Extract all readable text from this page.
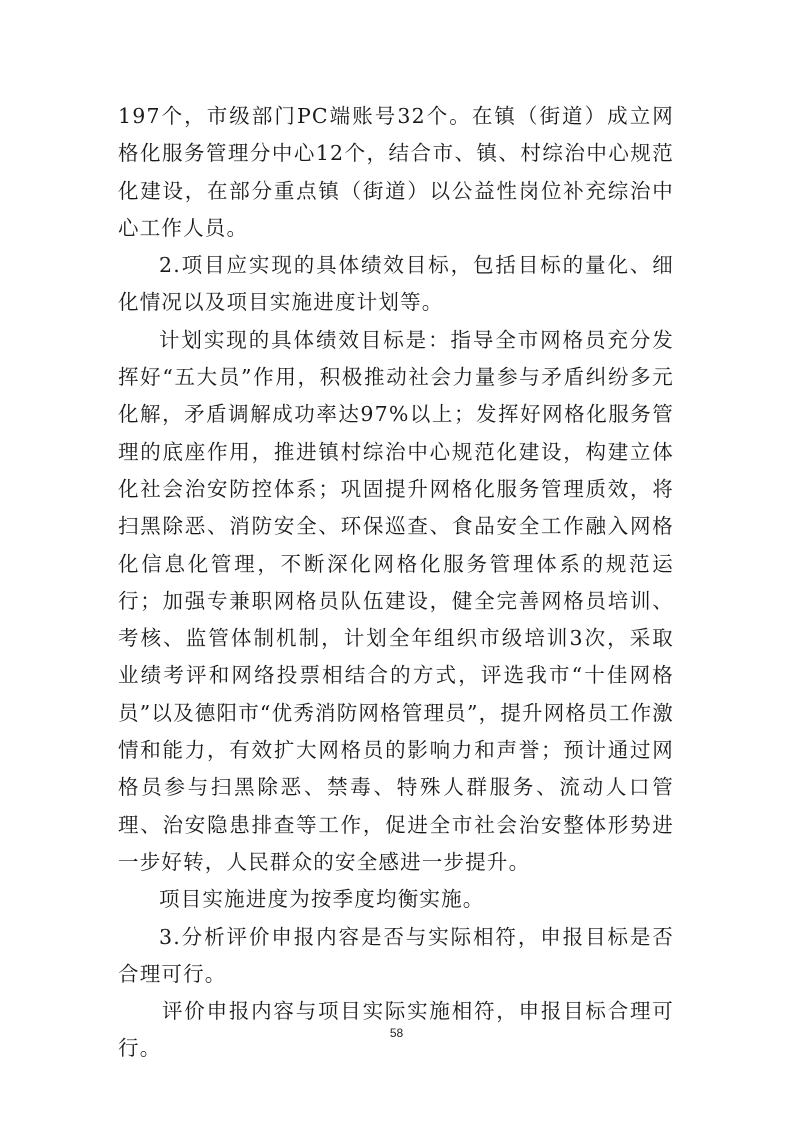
197个，市级部门PC端账号32个。在镇（街道）成立网格化服务管理分中心12个，结合市、镇、村综治中心规范化建设，在部分重点镇（街道）以公益性岗位补充综治中心工作人员。

2.项目应实现的具体绩效目标，包括目标的量化、细化情况以及项目实施进度计划等。

计划实现的具体绩效目标是：指导全市网格员充分发挥好“五大员”作用，积极推动社会力量参与矛盾纠纷多元化解，矛盾调解成功率达97%以上；发挥好网格化服务管理的底座作用，推进镇村综治中心规范化建设，构建立体化社会治安防控体系；巩固提升网格化服务管理质效，将扫黑除恶、消防安全、环保巡查、食品安全工作融入网格化信息化管理，不断深化网格化服务管理体系的规范运行；加强专兼职网格员队伍建设，健全完善网格员培训、考核、监管体制机制，计划全年组织市级培训3次，采取业绩考评和网络投票相结合的方式，评选我市“十佳网格员”以及德阳市“优秀消防网格管理员”，提升网格员工作激情和能力，有效扩大网格员的影响力和声誉；预计通过网格员参与扫黑除恶、禁毒、特殊人群服务、流动人口管理、治安隐患排查等工作，促进全市社会治安整体形势进一步好转，人民群众的安全感进一步提升。

项目实施进度为按季度均衡实施。

3.分析评价申报内容是否与实际相符，申报目标是否合理可行。

评价申报内容与项目实际实施相符，申报目标合理可行。

58
